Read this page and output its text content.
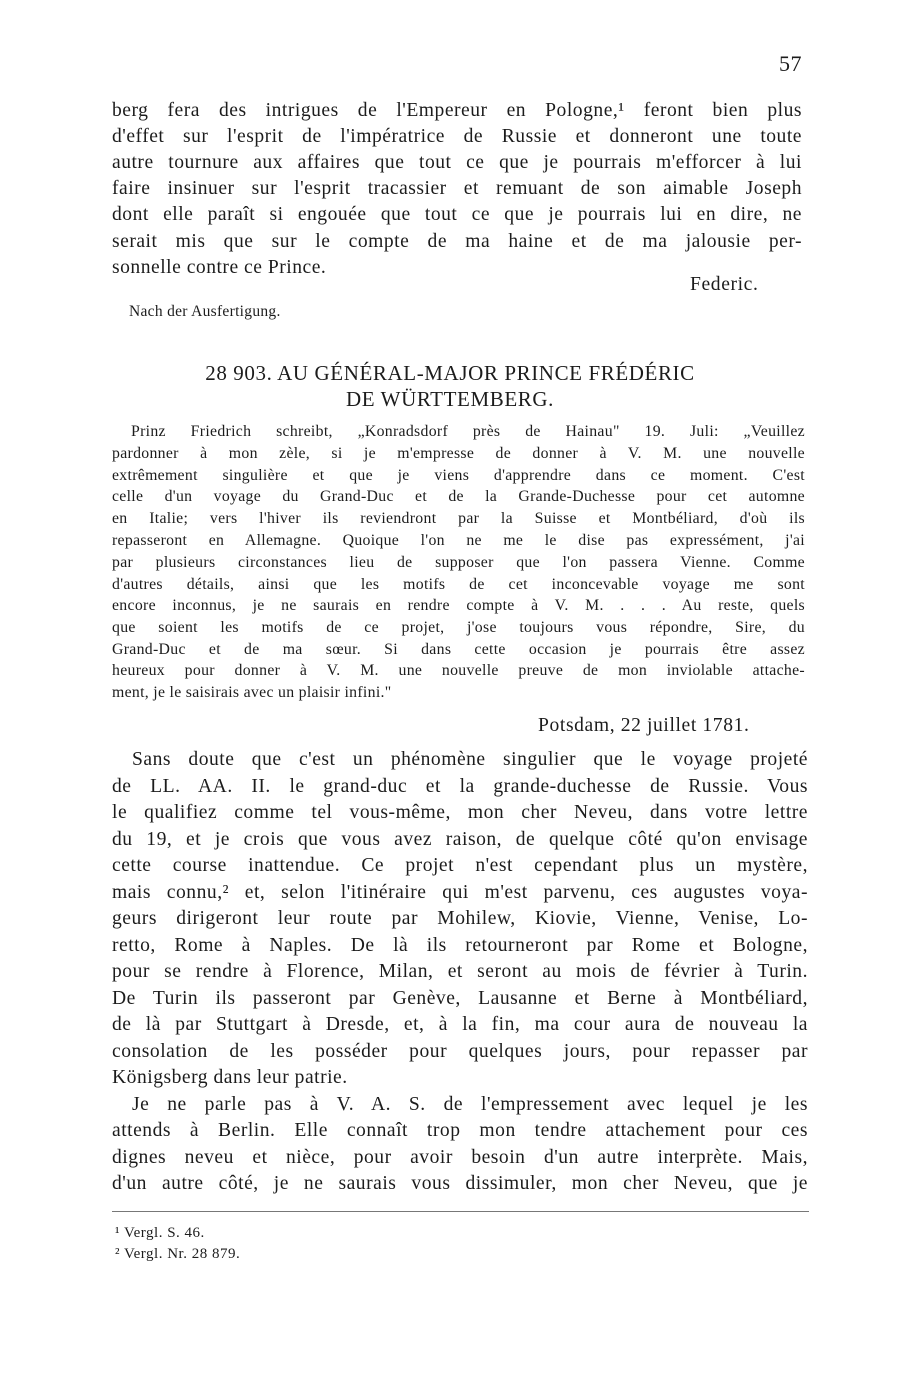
57
berg fera des intrigues de l'Empereur en Pologne,¹ feront bien plus
d'effet sur l'esprit de l'impératrice de Russie et donneront une toute
autre tournure aux affaires que tout ce que je pourrais m'efforcer à lui
faire insinuer sur l'esprit tracassier et remuant de son aimable Joseph
dont elle paraît si engouée que tout ce que je pourrais lui en dire, ne
serait mis que sur le compte de ma haine et de ma jalousie per-
sonnelle contre ce Prince.
Federic.
Nach der Ausfertigung.
28 903. AU GÉNÉRAL-MAJOR PRINCE FRÉDÉRIC
DE WÜRTTEMBERG.
Prinz Friedrich schreibt, „Konradsdorf près de Hainau" 19. Juli: „Veuillez
pardonner à mon zèle, si je m'empresse de donner à V. M. une nouvelle
extrêmement singulière et que je viens d'apprendre dans ce moment. C'est
celle d'un voyage du Grand-Duc et de la Grande-Duchesse pour cet automne
en Italie; vers l'hiver ils reviendront par la Suisse et Montbéliard, d'où ils
repasseront en Allemagne. Quoique l'on ne me le dise pas expressément, j'ai
par plusieurs circonstances lieu de supposer que l'on passera Vienne. Comme
d'autres détails, ainsi que les motifs de cet inconcevable voyage me sont
encore inconnus, je ne saurais en rendre compte à V. M. . . . Au reste, quels
que soient les motifs de ce projet, j'ose toujours vous répondre, Sire, du
Grand-Duc et de ma sœur. Si dans cette occasion je pourrais être assez
heureux pour donner à V. M. une nouvelle preuve de mon inviolable attache-
ment, je le saisirais avec un plaisir infini."
Potsdam, 22 juillet 1781.
Sans doute que c'est un phénomène singulier que le voyage projeté
de LL. AA. II. le grand-duc et la grande-duchesse de Russie. Vous
le qualifiez comme tel vous-même, mon cher Neveu, dans votre lettre
du 19, et je crois que vous avez raison, de quelque côté qu'on envisage
cette course inattendue. Ce projet n'est cependant plus un mystère,
mais connu,² et, selon l'itinéraire qui m'est parvenu, ces augustes voya-
geurs dirigeront leur route par Mohilew, Kiovie, Vienne, Venise, Lo-
retto, Rome à Naples. De là ils retourneront par Rome et Bologne,
pour se rendre à Florence, Milan, et seront au mois de février à Turin.
De Turin ils passeront par Genève, Lausanne et Berne à Montbéliard,
de là par Stuttgart à Dresde, et, à la fin, ma cour aura de nouveau la
consolation de les posséder pour quelques jours, pour repasser par
Königsberg dans leur patrie.
Je ne parle pas à V. A. S. de l'empressement avec lequel je les
attends à Berlin. Elle connaît trop mon tendre attachement pour ces
dignes neveu et nièce, pour avoir besoin d'un autre interprète. Mais,
d'un autre côté, je ne saurais vous dissimuler, mon cher Neveu, que je
¹ Vergl. S. 46.
² Vergl. Nr. 28 879.
